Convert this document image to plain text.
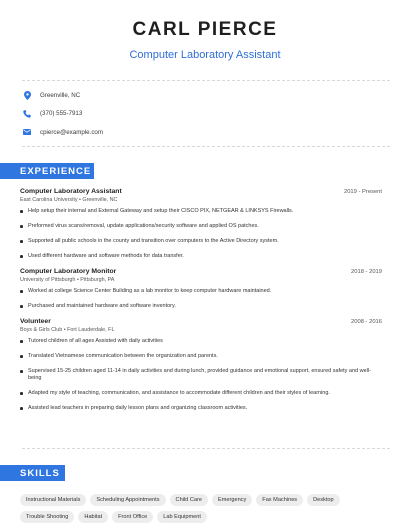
CARL PIERCE
Computer Laboratory Assistant
Greenville, NC
(370) 555-7913
cpierce@example.com
EXPERIENCE
Computer Laboratory Assistant	2019 - Present
East Carolina University • Greenville, NC
Help setup their internal and External Gateway and setup their CISCO PIX, NETGEAR & LINKSYS Firewalls.
Preformed virus scans/removal, update applications/security software and applied OS patches.
Supported all public schools in the county and transition over computers to the Active Directory system.
Used different hardware and software methods for data transfer.
Computer Laboratory Monitor	2018 - 2019
University of Pittsburgh • Pittsburgh, PA
Worked at college Science Center Building as a lab monitor to keep computer hardware maintained.
Purchased and maintained hardware and software inventory.
Volunteer	2008 - 2016
Boys & Girls Club • Fort Lauderdale, FL
Tutored children of all ages Assisted with daily activities
Translated Vietnamese communication between the organization and parents.
Supervised 15-25 children aged 11-14 in daily activities and during lunch, provided guidance and emotional support, ensured safety and well-being
Adapted my style of teaching, communication, and assistance to accommodate different children and their styles of learning.
Assisted lead teachers in preparing daily lesson plans and organizing classroom activities.
SKILLS
Instructional Materials	Scheduling Appointments	Child Care	Emergency	Fax Machines	Desktop
Trouble Shooting	Habitat	Front Office	Lab Equipment
